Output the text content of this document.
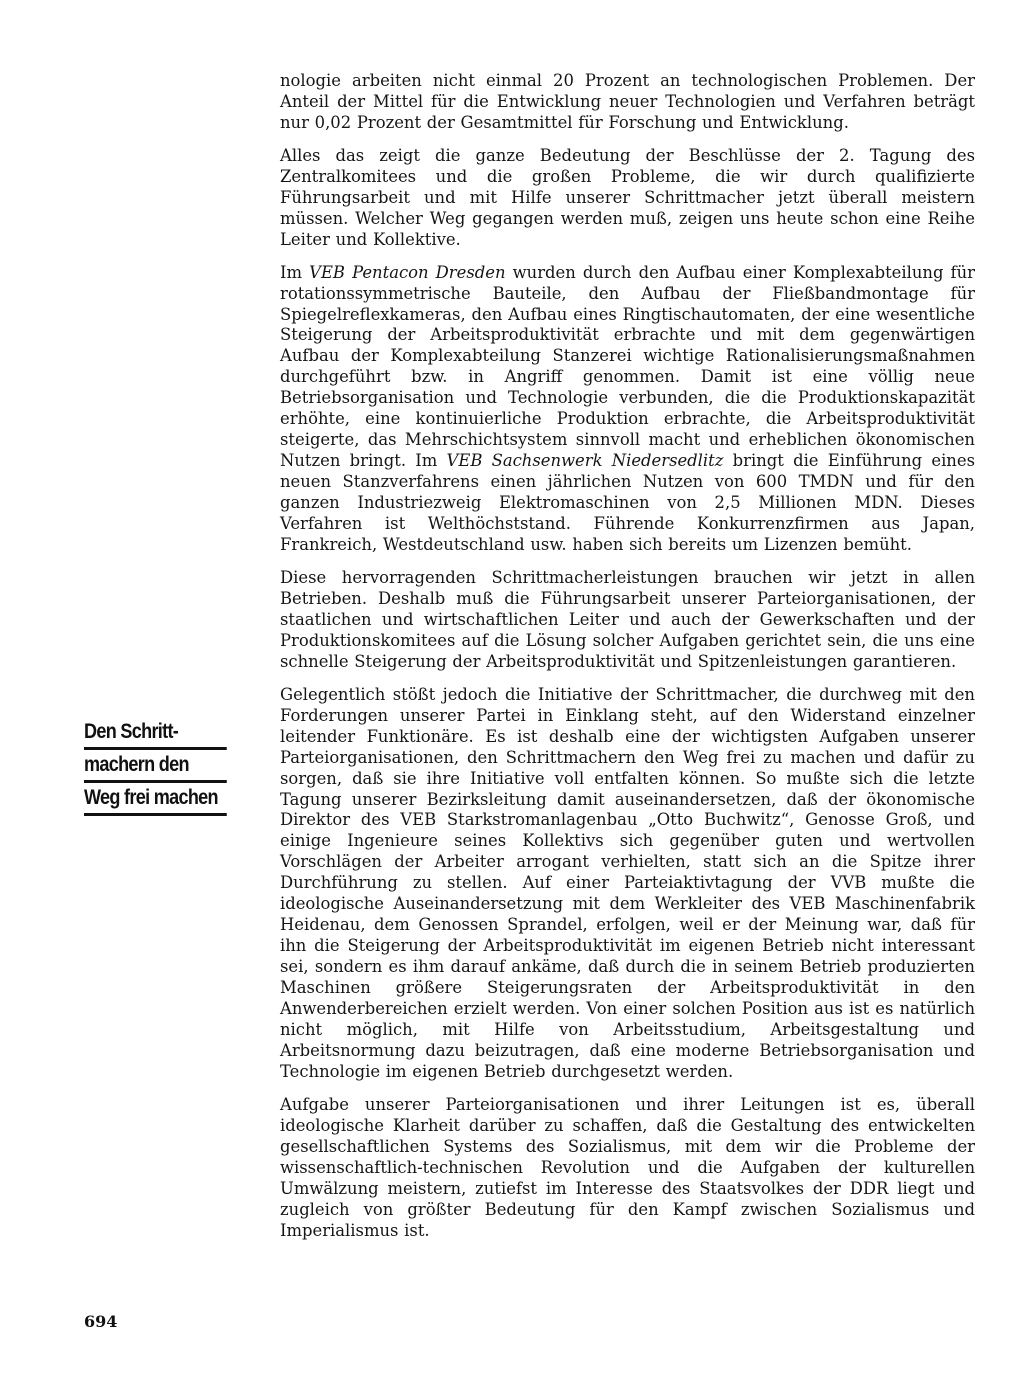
Den Schritt-
machern den
Weg frei machen

nologie arbeiten nicht einmal 20 Prozent an technologischen Problemen. Der Anteil der Mittel für die Entwicklung neuer Technologien und Verfahren beträgt nur 0,02 Prozent der Gesamtmittel für Forschung und Entwicklung.

Alles das zeigt die ganze Bedeutung der Beschlüsse der 2. Tagung des Zentralkomitees und die großen Probleme, die wir durch qualifizierte Führungsarbeit und mit Hilfe unserer Schrittmacher jetzt überall meistern müssen. Welcher Weg gegangen werden muß, zeigen uns heute schon eine Reihe Leiter und Kollektive.

Im VEB Pentacon Dresden wurden durch den Aufbau einer Komplexabteilung für rotationssymmetrische Bauteile, den Aufbau der Fließbandmontage für Spiegelreflexkameras, den Aufbau eines Ringtischautomaten, der eine wesentliche Steigerung der Arbeitsproduktivität erbrachte und mit dem gegenwärtigen Aufbau der Komplexabteilung Stanzerei wichtige Rationalisierungsmaßnahmen durchgeführt bzw. in Angriff genommen. Damit ist eine völlig neue Betriebsorganisation und Technologie verbunden, die die Produktionskapazität erhöhte, eine kontinuierliche Produktion erbrachte, die Arbeitsproduktivität steigerte, das Mehrschichtsystem sinnvoll macht und erheblichen ökonomischen Nutzen bringt. Im VEB Sachsenwerk Niedersedlitz bringt die Einführung eines neuen Stanzverfahrens einen jährlichen Nutzen von 600 TMDN und für den ganzen Industriezweig Elektromaschinen von 2,5 Millionen MDN. Dieses Verfahren ist Welthöchststand. Führende Konkurrenzfirmen aus Japan, Frankreich, Westdeutschland usw. haben sich bereits um Lizenzen bemüht.

Diese hervorragenden Schrittmacherleistungen brauchen wir jetzt in allen Betrieben. Deshalb muß die Führungsarbeit unserer Parteiorganisationen, der staatlichen und wirtschaftlichen Leiter und auch der Gewerkschaften und der Produktionskomitees auf die Lösung solcher Aufgaben gerichtet sein, die uns eine schnelle Steigerung der Arbeitsproduktivität und Spitzenleistungen garantieren.

Gelegentlich stößt jedoch die Initiative der Schrittmacher, die durchweg mit den Forderungen unserer Partei in Einklang steht, auf den Widerstand einzelner leitender Funktionäre. Es ist deshalb eine der wichtigsten Aufgaben unserer Parteiorganisationen, den Schrittmachern den Weg frei zu machen und dafür zu sorgen, daß sie ihre Initiative voll entfalten können. So mußte sich die letzte Tagung unserer Bezirksleitung damit auseinandersetzen, daß der ökonomische Direktor des VEB Starkstromanlagenbau „Otto Buchwitz“, Genosse Groß, und einige Ingenieure seines Kollektivs sich gegenüber guten und wertvollen Vorschlägen der Arbeiter arrogant verhielten, statt sich an die Spitze ihrer Durchführung zu stellen. Auf einer Parteiaktivtagung der VVB mußte die ideologische Auseinandersetzung mit dem Werkleiter des VEB Maschinenfabrik Heidenau, dem Genossen Sprandel, erfolgen, weil er der Meinung war, daß für ihn die Steigerung der Arbeitsproduktivität im eigenen Betrieb nicht interessant sei, sondern es ihm darauf ankäme, daß durch die in seinem Betrieb produzierten Maschinen größere Steigerungsraten der Arbeitsproduktivität in den Anwenderbereichen erzielt werden. Von einer solchen Position aus ist es natürlich nicht möglich, mit Hilfe von Arbeitsstudium, Arbeitsgestaltung und Arbeitsnormung dazu beizutragen, daß eine moderne Betriebsorganisation und Technologie im eigenen Betrieb durchgesetzt werden.

Aufgabe unserer Parteiorganisationen und ihrer Leitungen ist es, überall ideologische Klarheit darüber zu schaffen, daß die Gestaltung des entwickelten gesellschaftlichen Systems des Sozialismus, mit dem wir die Probleme der wissenschaftlich-technischen Revolution und die Aufgaben der kulturellen Umwälzung meistern, zutiefst im Interesse des Staatsvolkes der DDR liegt und zugleich von größter Bedeutung für den Kampf zwischen Sozialismus und Imperialismus ist.

694
